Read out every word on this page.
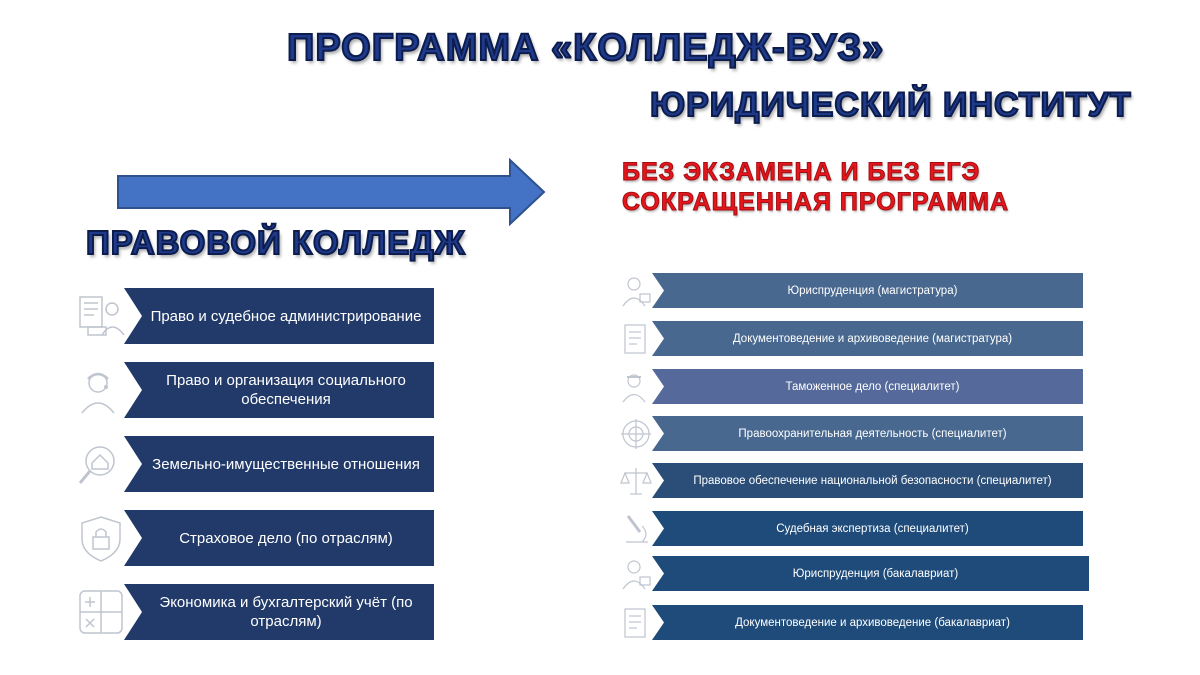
ПРОГРАММА «КОЛЛЕДЖ-ВУЗ»
ЮРИДИЧЕСКИЙ ИНСТИТУТ
БЕЗ ЭКЗАМЕНА И БЕЗ ЕГЭ
СОКРАЩЕННАЯ ПРОГРАММА
ПРАВОВОЙ КОЛЛЕДЖ
Право и судебное администрирование
Право и организация социального обеспечения
Земельно-имущественные отношения
Страховое дело (по отраслям)
Экономика и бухгалтерский учёт (по отраслям)
Юриспруденция (магистратура)
Документоведение и архивоведение (магистратура)
Таможенное дело (специалитет)
Правоохранительная деятельность (специалитет)
Правовое обеспечение национальной безопасности (специалитет)
Судебная экспертиза (специалитет)
Юриспруденция (бакалавриат)
Документоведение и архивоведение (бакалавриат)
